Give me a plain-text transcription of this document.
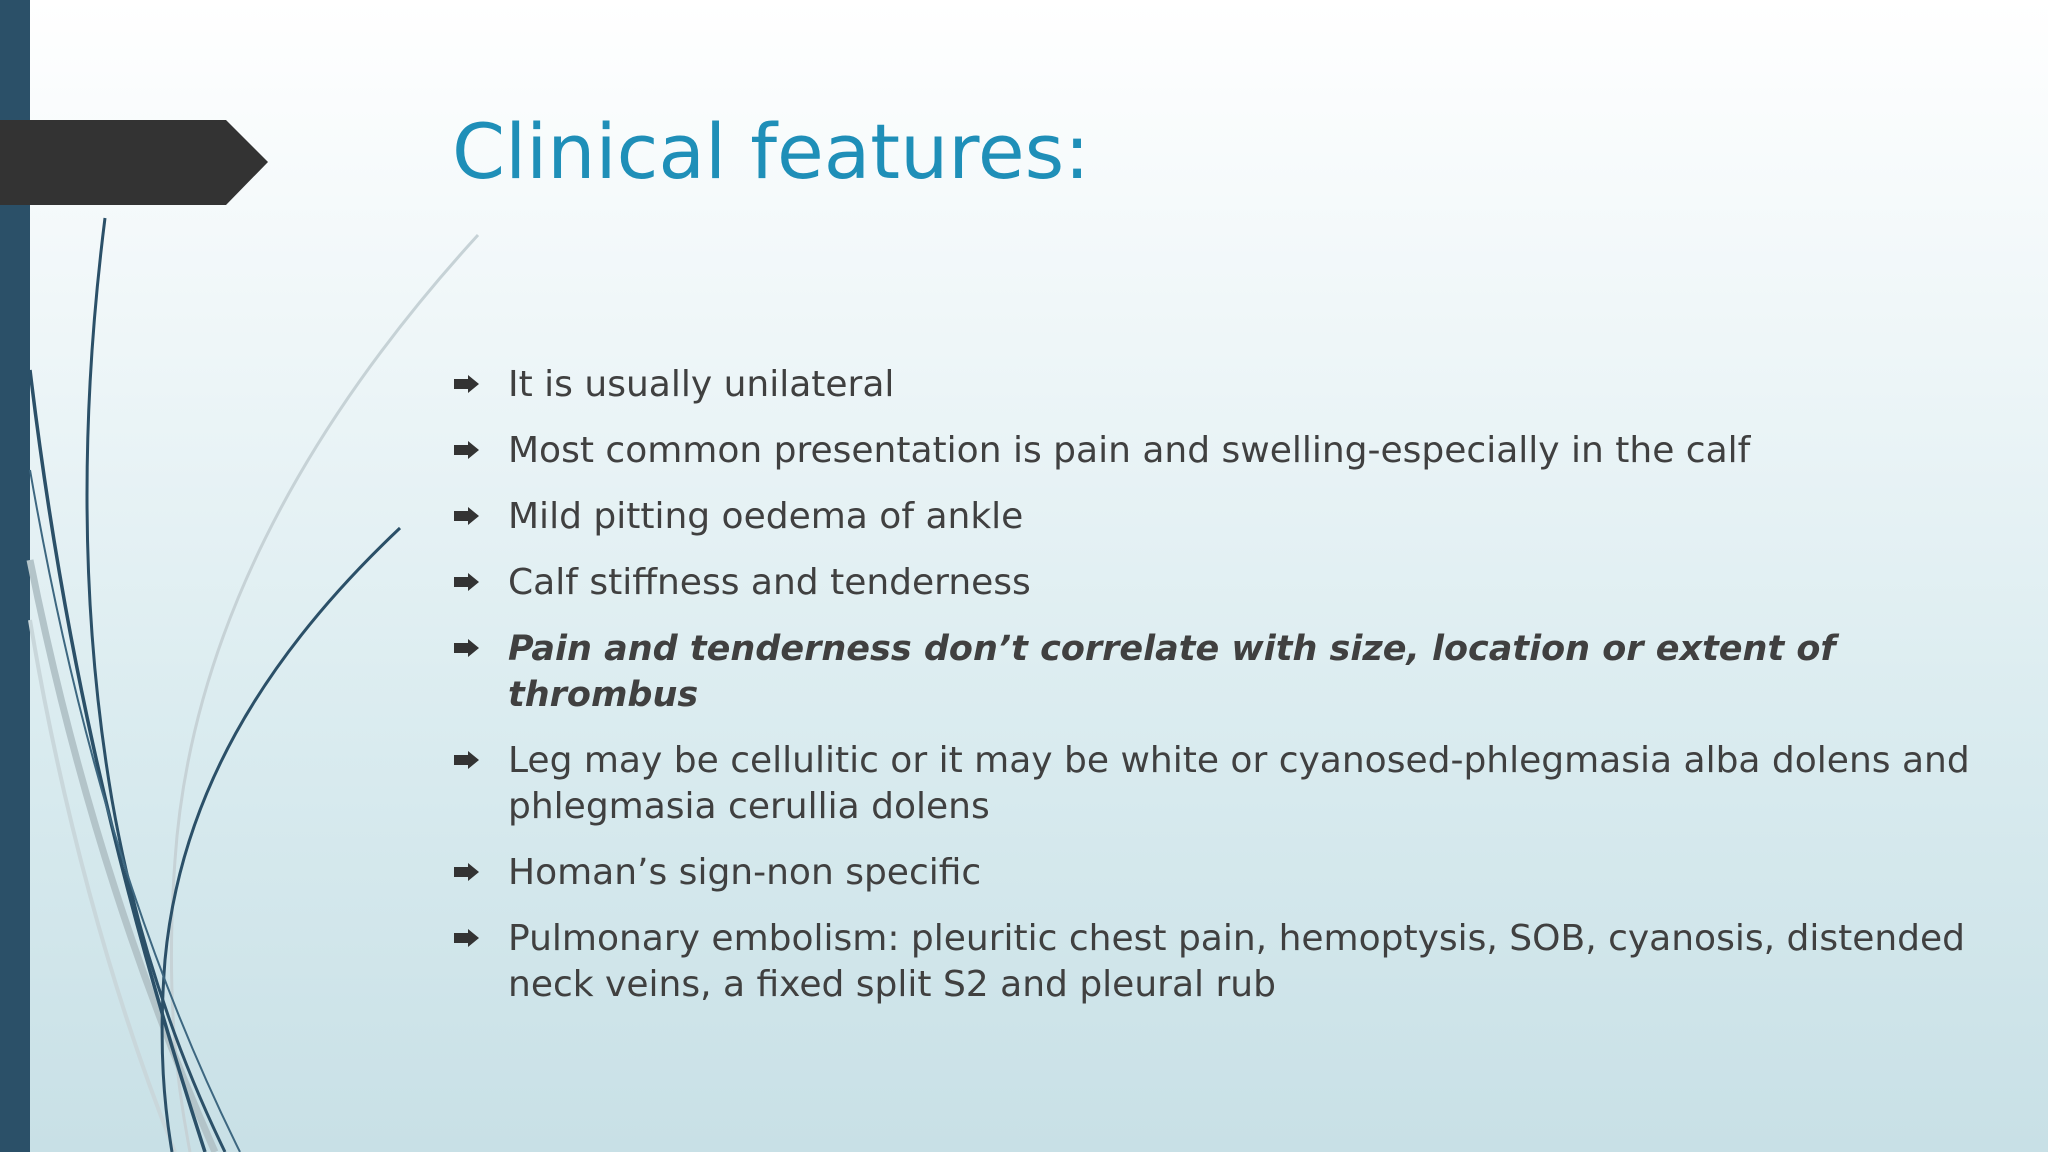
Clinical features:
It is usually unilateral
Most common presentation is pain and swelling-especially in the calf
Mild pitting oedema of ankle
Calf stiffness and tenderness
Pain and tenderness don’t correlate with size, location or extent of thrombus
Leg may be cellulitic or it may be white or cyanosed-phlegmasia alba dolens and phlegmasia cerullia dolens
Homan’s sign-non specific
Pulmonary embolism: pleuritic chest pain, hemoptysis, SOB, cyanosis, distended neck veins, a fixed split S2 and pleural rub
